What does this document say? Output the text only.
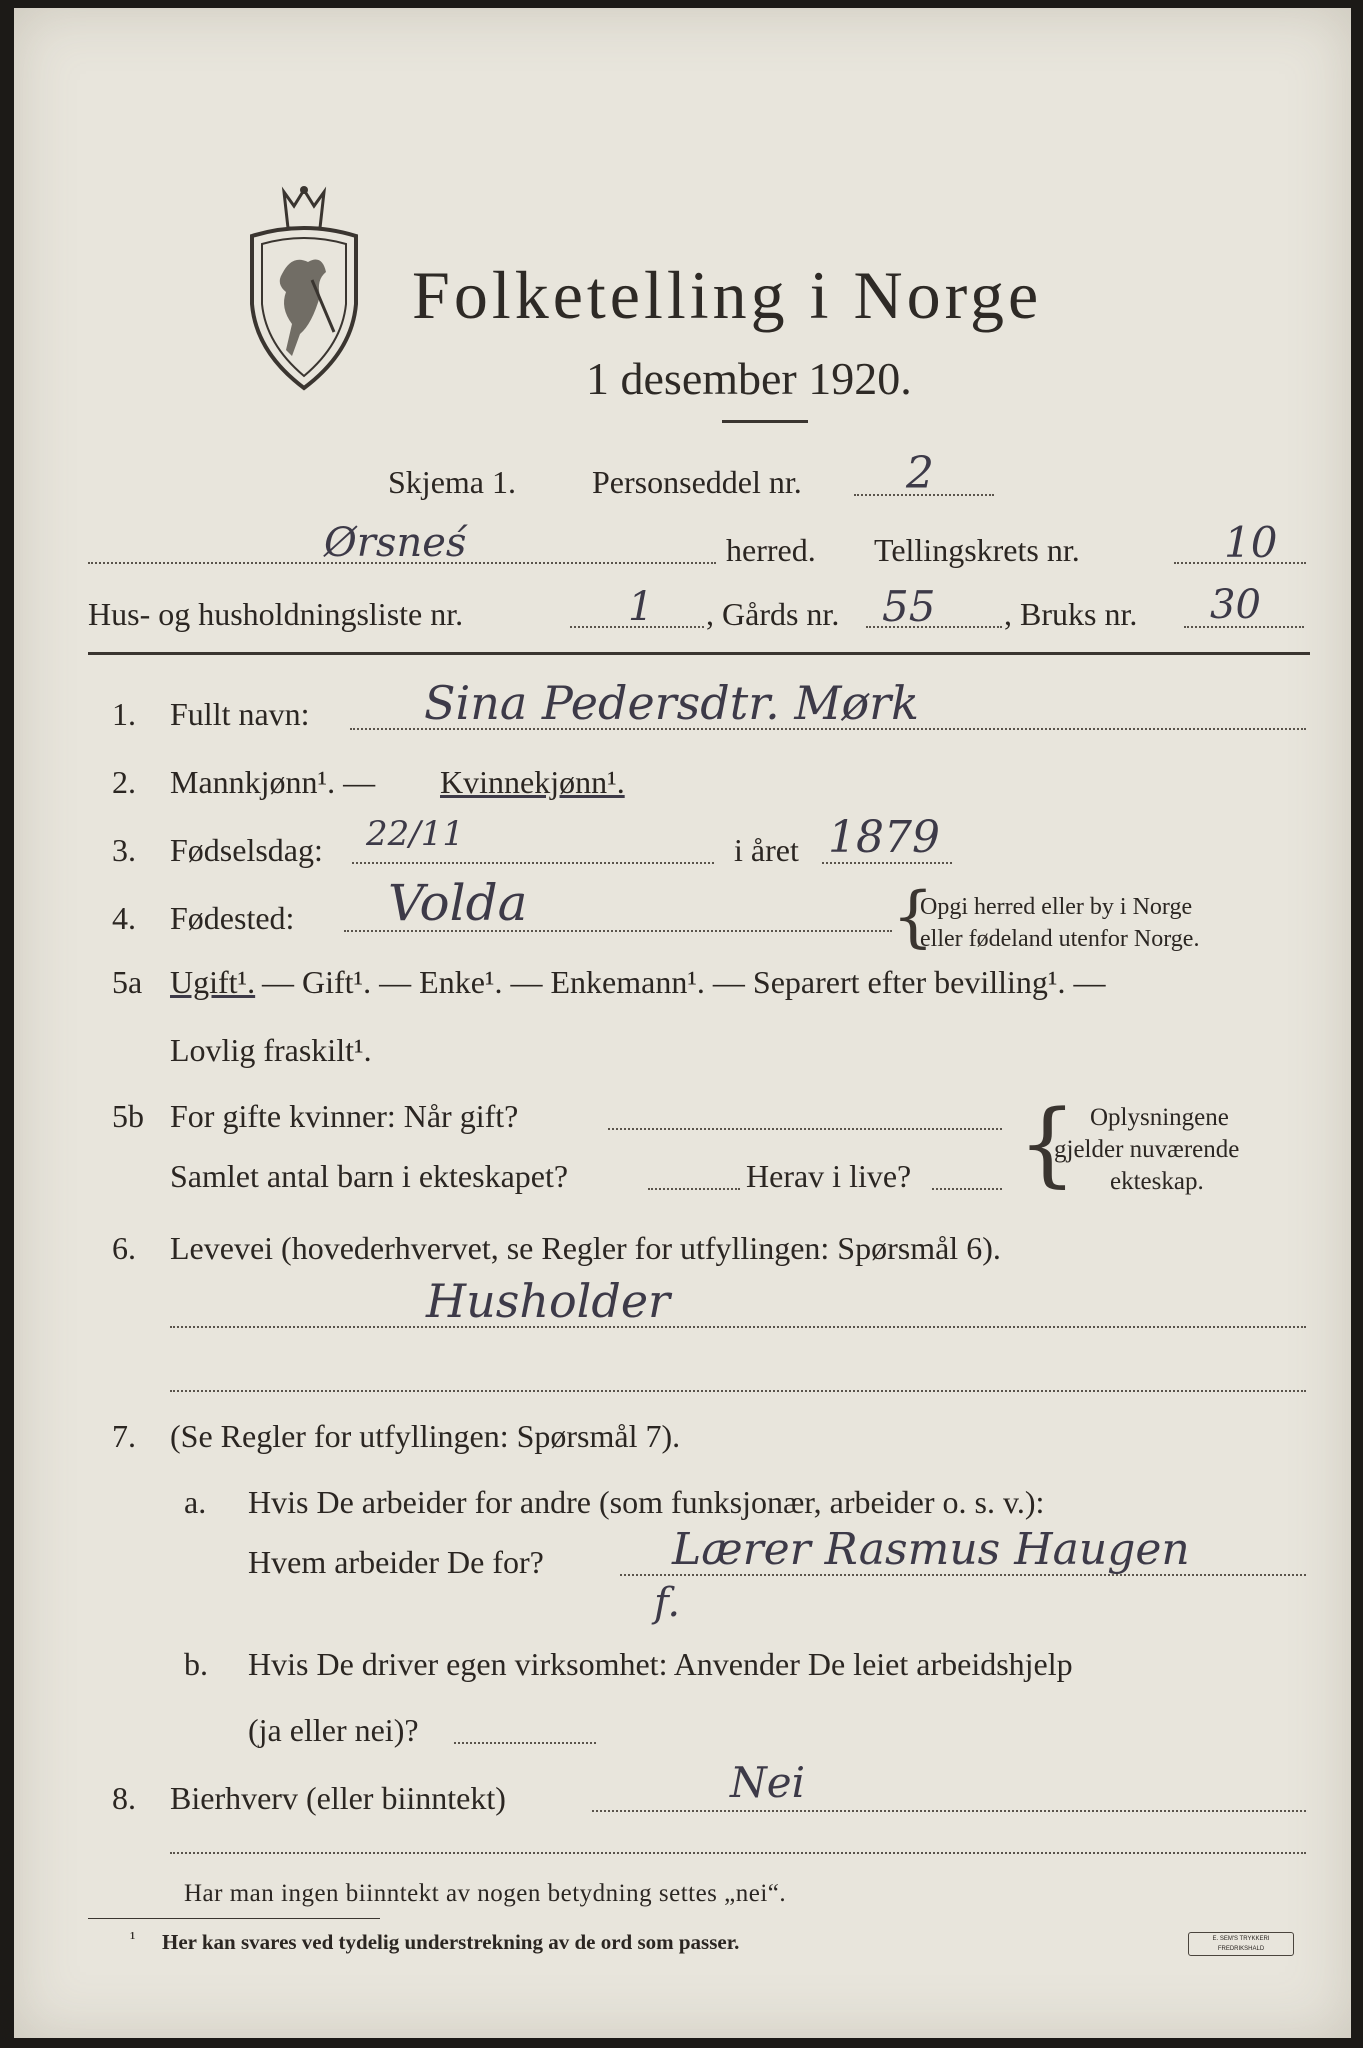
Folketelling i Norge
1 desember 1920.
Skjema 1. Personseddel nr. 2
Ørsneś	herred. Tellingskrets nr.	10
Hus- og husholdningsliste nr.	1 , Gårds nr. 55 , Bruks nr. 30
1. Fullt navn: Sina Pedersdtr. Mørk
2. Mannkjønn¹. — Kvinnekjønn¹.
3. Fødselsdag: 22/11	i året 1879
4. Fødested: Volda	{
Opgi herred eller by i Norge
eller fødeland utenfor Norge.
5a Ugift¹. — Gift¹. — Enke¹. — Enkemann¹. — Separert efter bevilling¹. —
Lovlig fraskilt¹.
5b For gifte kvinner: Når gift?
Samlet antal barn i ekteskapet?	Herav i live? { Oplysningene
gjelder nuværende
ekteskap.
6. Levevei (hovederhvervet, se Regler for utfyllingen: Spørsmål 6).
Husholder
7. (Se Regler for utfyllingen: Spørsmål 7).
a. Hvis De arbeider for andre (som funksjonær, arbeider o. s. v.):
Hvem arbeider De for?	Lærer Rasmus Haugen
f.
b. Hvis De driver egen virksomhet: Anvender De leiet arbeidshjelp
(ja eller nei)?
8. Bierhverv (eller biinntekt)	Nei
Har man ingen biinntekt av nogen betydning settes „nei“.
¹ Her kan svares ved tydelig understrekning av de ord som passer.	E. SEM'S TRYKKERI FREDRIKSHALD
